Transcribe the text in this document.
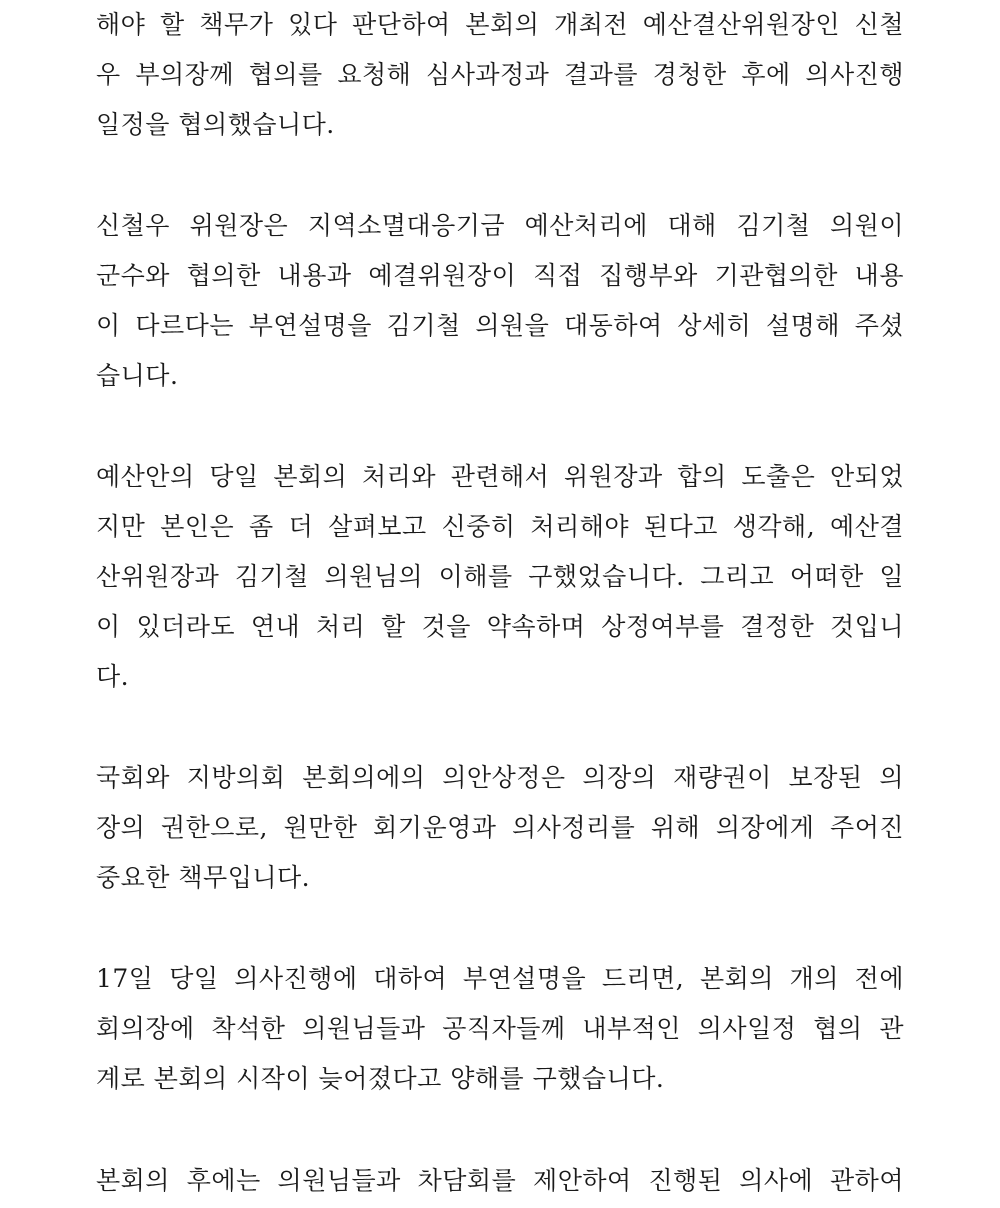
해야 할 책무가 있다 판단하여 본회의 개최전 예산결산위원장인 신철
우 부의장께 협의를 요청해 심사과정과 결과를 경청한 후에 의사진행
일정을 협의했습니다.
신철우 위원장은 지역소멸대응기금 예산처리에 대해 김기철 의원이
군수와 협의한 내용과 예결위원장이 직접 집행부와 기관협의한 내용
이 다르다는 부연설명을 김기철 의원을 대동하여 상세히 설명해 주셨
습니다.
예산안의 당일 본회의 처리와 관련해서 위원장과 합의 도출은 안되었
지만 본인은 좀 더 살펴보고 신중히 처리해야 된다고 생각해, 예산결
산위원장과 김기철 의원님의 이해를 구했었습니다. 그리고 어떠한 일
이 있더라도 연내 처리 할 것을 약속하며 상정여부를 결정한 것입니
다.
국회와 지방의회 본회의에의 의안상정은 의장의 재량권이 보장된 의
장의 권한으로, 원만한 회기운영과 의사정리를 위해 의장에게 주어진
중요한 책무입니다.
17일 당일 의사진행에 대하여 부연설명을 드리면, 본회의 개의 전에
회의장에 착석한 의원님들과 공직자들께 내부적인 의사일정 협의 관
계로 본회의 시작이 늦어졌다고 양해를 구했습니다.
본회의 후에는 의원님들과 차담회를 제안하여 진행된 의사에 관하여
